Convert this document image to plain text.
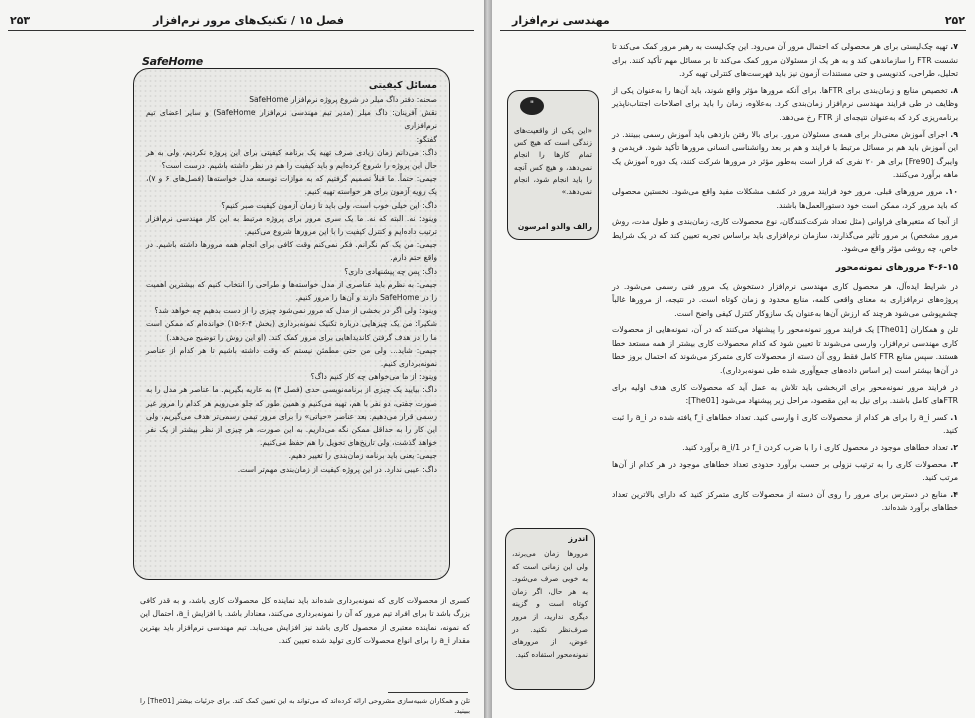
۲۵۳	فصل ۱۵ / تکنیک‌های مرور نرم‌افزار
SafeHome
مسائل کیفیتی

صحنه: دفتر داگ میلر در شروع پروژه نرم‌افزار SafeHome

نقش آفرینان: داگ میلر (مدیر تیم مهندسی نرم‌افزار SafeHome) و سایر اعضای تیم نرم‌افزاری

گفتگو:

داگ: می‌دانم زمان زیادی صرف تهیه یک برنامه کیفیتی برای این پروژه نکردیم، ولی به هر حال این پروژه را شروع کرده‌ایم و باید کیفیت را هم در نظر داشته باشیم. درست است؟

جیمی: حتماً. ما قبلاً تصمیم گرفتیم که به موازات توسعه مدل خواسته‌ها (فصل‌های ۶ و ۷)، یک رویه آزمون برای هر خواسته تهیه کنیم.

داگ: این خیلی خوب است، ولی باید تا زمان آزمون کیفیت صبر کنیم؟

وینود: نه. البته که نه. ما یک سری مرور برای پروژه مرتبط به این کار مهندسی نرم‌افزار ترتیب داده‌ایم و کنترل کیفیت را با این مرورها شروع می‌کنیم.

جیمی: من یک کم نگرانم. فکر نمی‌کنم وقت کافی برای انجام همه مرورها داشته باشیم. در واقع حتم دارم.

داگ: پس چه پیشنهادی داری؟

جیمی: به نظرم باید عناصری از مدل خواسته‌ها و طراحی را انتخاب کنیم که بیشترین اهمیت را در SafeHome دارند و آن‌ها را مرور کنیم.

وینود: ولی اگر در بخشی از مدل که مرور نمی‌شود چیزی را از دست بدهیم چه خواهد شد؟

شکیرا: من یک چیزهایی درباره تکنیک نمونه‌برداری (بخش ۴-۶-۱۵) خوانده‌ام که ممکن است ما را در هدف گرفتن کاندیداهایی برای مرور کمک کند. (او این روش را توضیح می‌دهد.)

جیمی: شاید... ولی من حتی مطمئن نیستم که وقت داشته باشیم تا هر کدام از عناصر نمونه‌برداری کنیم.

وینود: از ما می‌خواهی چه کار کنیم داگ؟

داگ: بیایید یک چیزی از برنامه‌نویسی حدی (فصل ۳) به عاریه بگیریم. ما عناصر هر مدل را به صورت جفتی، دو نفر با هم، تهیه می‌کنیم و همین طور که جلو می‌رویم هر کدام را مرور غیر رسمی قرار می‌دهیم. بعد عناصر «حیاتی» را برای مرور تیمی رسمی‌تر هدف می‌گیریم، ولی این کار را به حداقل ممکن نگه می‌داریم. به این صورت، هر چیزی از نظر بیشتر از یک نفر خواهد گذشت، ولی تاریخ‌های تحویل را هم حفظ می‌کنیم.

جیمی: یعنی باید برنامه زمان‌بندی را تغییر دهیم.

داگ: عیبی ندارد. در این پروژه کیفیت از زمان‌بندی مهم‌تر است.

کسری از محصولات کاری که نمونه‌برداری شده‌اند باید نماینده کل محصولات کاری باشد، و به قدر کافی بزرگ باشد تا برای افراد تیم مرور که آن را نمونه‌برداری می‌کنند، معنادار باشد. با افزایش a_i، احتمال این که نمونه، نماینده معتبری از محصول کاری باشد نیز افزایش می‌یابد. تیم مهندسی نرم‌افزار باید بهترین مقدار a_i را برای انواع محصولات کاری تولید شده تعیین کند.

تلن و همکاران شبیه‌سازی مشروحی ارائه کرده‌اند که می‌تواند به این تعیین کمک کند. برای جزئیات بیشتر [The01] را ببینید.
۲۵۲
مهندسی نرم‌افزار
"
«این یکی از واقعیت‌های زندگی است که هیچ کس تمام کارها را انجام نمی‌دهد، و هیچ کس آنچه را باید انجام شود، انجام نمی‌دهد.»
رالف والدو امرسون
اندرز
مرورها زمان می‌برند، ولی این زمانی است که به خوبی صرف می‌شود. به هر حال، اگر زمان کوتاه است و گزینه دیگری ندارید، از مرور صرف‌نظر نکنید. در عوض، از مرورهای نمونه‌محور استفاده کنید.

۷. تهیه چک‌لیستی برای هر محصولی که احتمال مرور آن می‌رود. این چک‌لیست به رهبر مرور کمک می‌کند تا نشست FTR را سازماندهی کند و به هر یک از مسئولان مرور کمک می‌کند تا بر مسائل مهم تأکید کنند. برای تحلیل، طراحی، کدنویسی و حتی مستندات آزمون نیز باید فهرست‌های کنترلی تهیه کرد.

۸. تخصیص منابع و زمان‌بندی برای FTRها. برای آنکه مرورها مؤثر واقع شوند، باید آن‌ها را به‌عنوان یکی از وظایف در طی فرایند مهندسی نرم‌افزار زمان‌بندی کرد. به‌علاوه، زمان را باید برای اصلاحات اجتناب‌ناپذیر برنامه‌ریزی کرد که به‌عنوان نتیجه‌ای از FTR رخ می‌دهد.

۹. اجرای آموزش معنی‌دار برای همه‌ی مسئولان مرور. برای بالا رفتن بازدهی باید آموزش رسمی ببینند. در این آموزش باید هم بر مسائل مرتبط با فرایند و هم بر بعد روانشناسی انسانی مرورها تأکید شود. فریدمن و وایبرگ [Fre90] برای هر ۲۰ نفری که قرار است به‌طور مؤثر در مرورها شرکت کنند، یک دوره آموزش یک ماهه برآورد می‌کنند.

۱۰. مرور مرورهای قبلی. مرور خود فرایند مرور در کشف مشکلات مفید واقع می‌شود. نخستین محصولی که باید مرور کرد، ممکن است خود دستورالعمل‌ها باشند.

از آنجا که متغیرهای فراوانی (مثل تعداد شرکت‌کنندگان، نوع محصولات کاری، زمان‌بندی و طول مدت، روش مرور مشخص) بر مرور تأثیر می‌گذارند، سازمان نرم‌افزاری باید براساس تجربه تعیین کند که در یک شرایط خاص، چه روشی مؤثر واقع می‌شود.

۴-۶-۱۵ مرورهای نمونه‌محور

در شرایط ایده‌آل، هر محصول کاری مهندسی نرم‌افزار دستخوش یک مرور فنی رسمی می‌شود. در پروژه‌های نرم‌افزاری به معنای واقعی کلمه، منابع محدود و زمان کوتاه است. در نتیجه، از مرورها غالباً چشم‌پوشی می‌شود هرچند که ارزش آن‌ها به‌عنوان یک سازوکار کنترل کیفی واضح است.

تلن و همکاران [The01] یک فرایند مرور نمونه‌محور را پیشنهاد می‌کنند که در آن، نمونه‌هایی از محصولات کاری مهندسی نرم‌افزار، وارسی می‌شوند تا تعیین شود که کدام محصولات کاری بیشتر از همه مستعد خطا هستند. سپس منابع FTR کامل فقط روی آن دسته از محصولات کاری متمرکز می‌شوند که احتمال بروز خطا در آن‌ها بیشتر است (بر اساس داده‌های جمع‌آوری شده طی نمونه‌برداری).

در فرایند مرور نمونه‌محور برای اثربخشی باید تلاش به عمل آید که محصولات کاری هدف اولیه برای FTRهای کامل باشند. برای نیل به این مقصود، مراحل زیر پیشنهاد می‌شود [The01]:

۱. کسر a_i را برای هر کدام از محصولات کاری i وارسی کنید. تعداد خطاهای f_i یافته شده در a_i را ثبت کنید.

۲. تعداد خطاهای موجود در محصول کاری i را با ضرب کردن f_i در 1/a_i برآورد کنید.

۳. محصولات کاری را به ترتیب نزولی بر حسب برآورد حدودی تعداد خطاهای موجود در هر کدام از آن‌ها مرتب کنید.

۴. منابع در دسترس برای مرور را روی آن دسته از محصولات کاری متمرکز کنید که دارای بالاترین تعداد خطاهای برآورد شده‌اند.
